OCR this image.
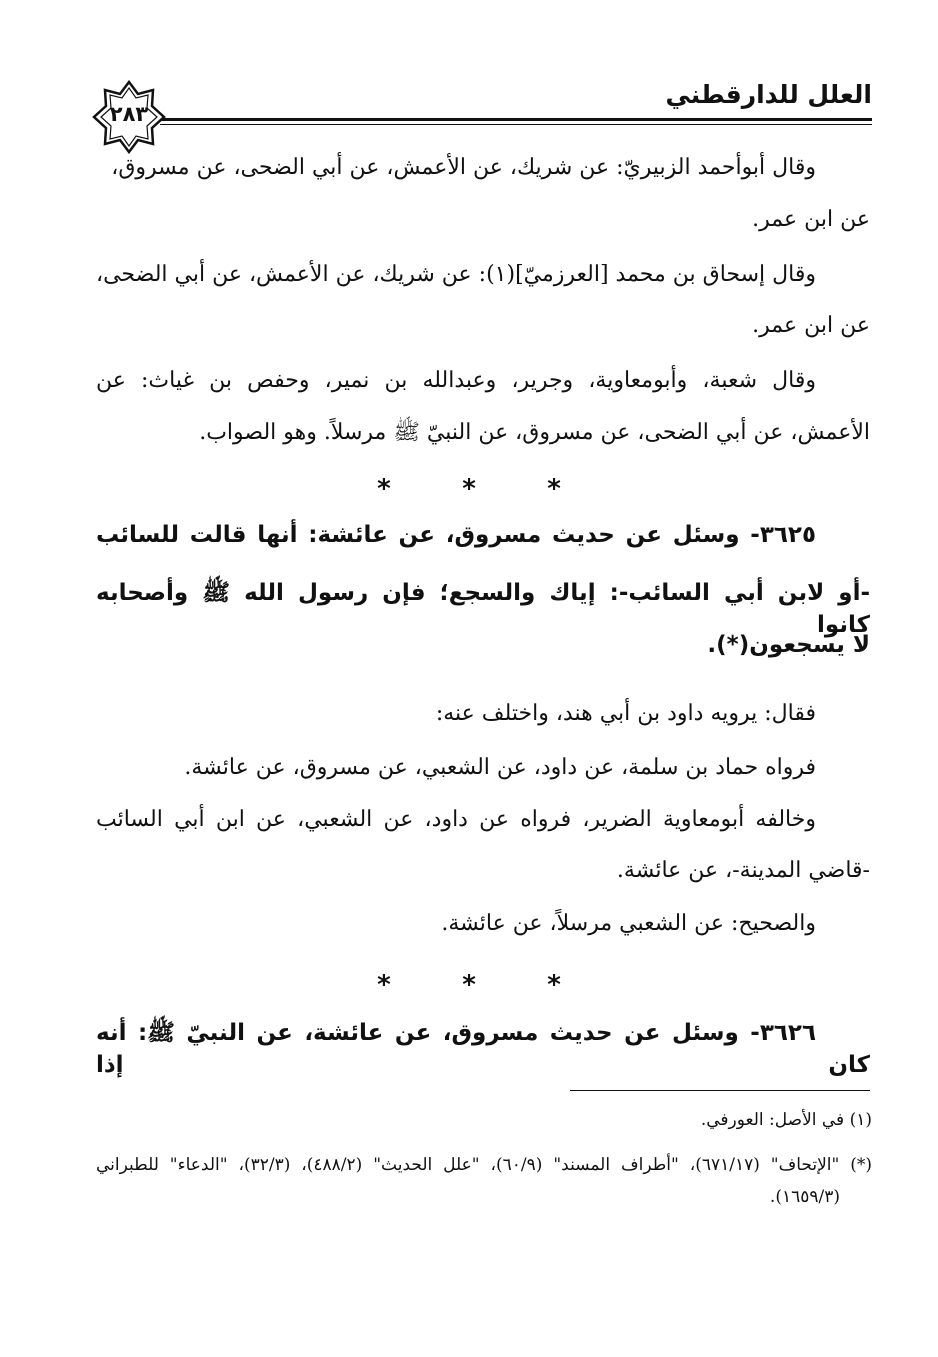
العلل للدارقطني
٢٨٣

وقال أبوأحمد الزبيريّ: عن شريك، عن الأعمش، عن أبي الضحى، عن مسروق،

عن ابن عمر.

وقال إسحاق بن محمد [العرزميّ](١): عن شريك، عن الأعمش، عن أبي الضحى،

عن ابن عمر.

وقال شعبة، وأبومعاوية، وجرير، وعبدالله بن نمير، وحفص بن غياث: عن

الأعمش، عن أبي الضحى، عن مسروق، عن النبيّ ﷺ مرسلاً. وهو الصواب.

* * *

٣٦٢٥- وسئل عن حديث مسروق، عن عائشة: أنها قالت للسائب

-أو لابن أبي السائب-: إياك والسجع؛ فإن رسول الله ﷺ وأصحابه كانوا

لا يسجعون(*).

فقال: يرويه داود بن أبي هند، واختلف عنه:

فرواه حماد بن سلمة، عن داود، عن الشعبي، عن مسروق، عن عائشة.

وخالفه أبومعاوية الضرير، فرواه عن داود، عن الشعبي، عن ابن أبي السائب

-قاضي المدينة-، عن عائشة.

والصحيح: عن الشعبي مرسلاً، عن عائشة.

* * *

٣٦٢٦- وسئل عن حديث مسروق، عن عائشة، عن النبيّ ﷺ: أنه كان إذا

(١) في الأصل: العورفي.

(*) "الإتحاف" (٦٧١/١٧)، "أطراف المسند" (٦٠/٩)، "علل الحديث" (٤٨٨/٢)، (٣٢/٣)، "الدعاء" للطبراني

(١٦٥٩/٣).
